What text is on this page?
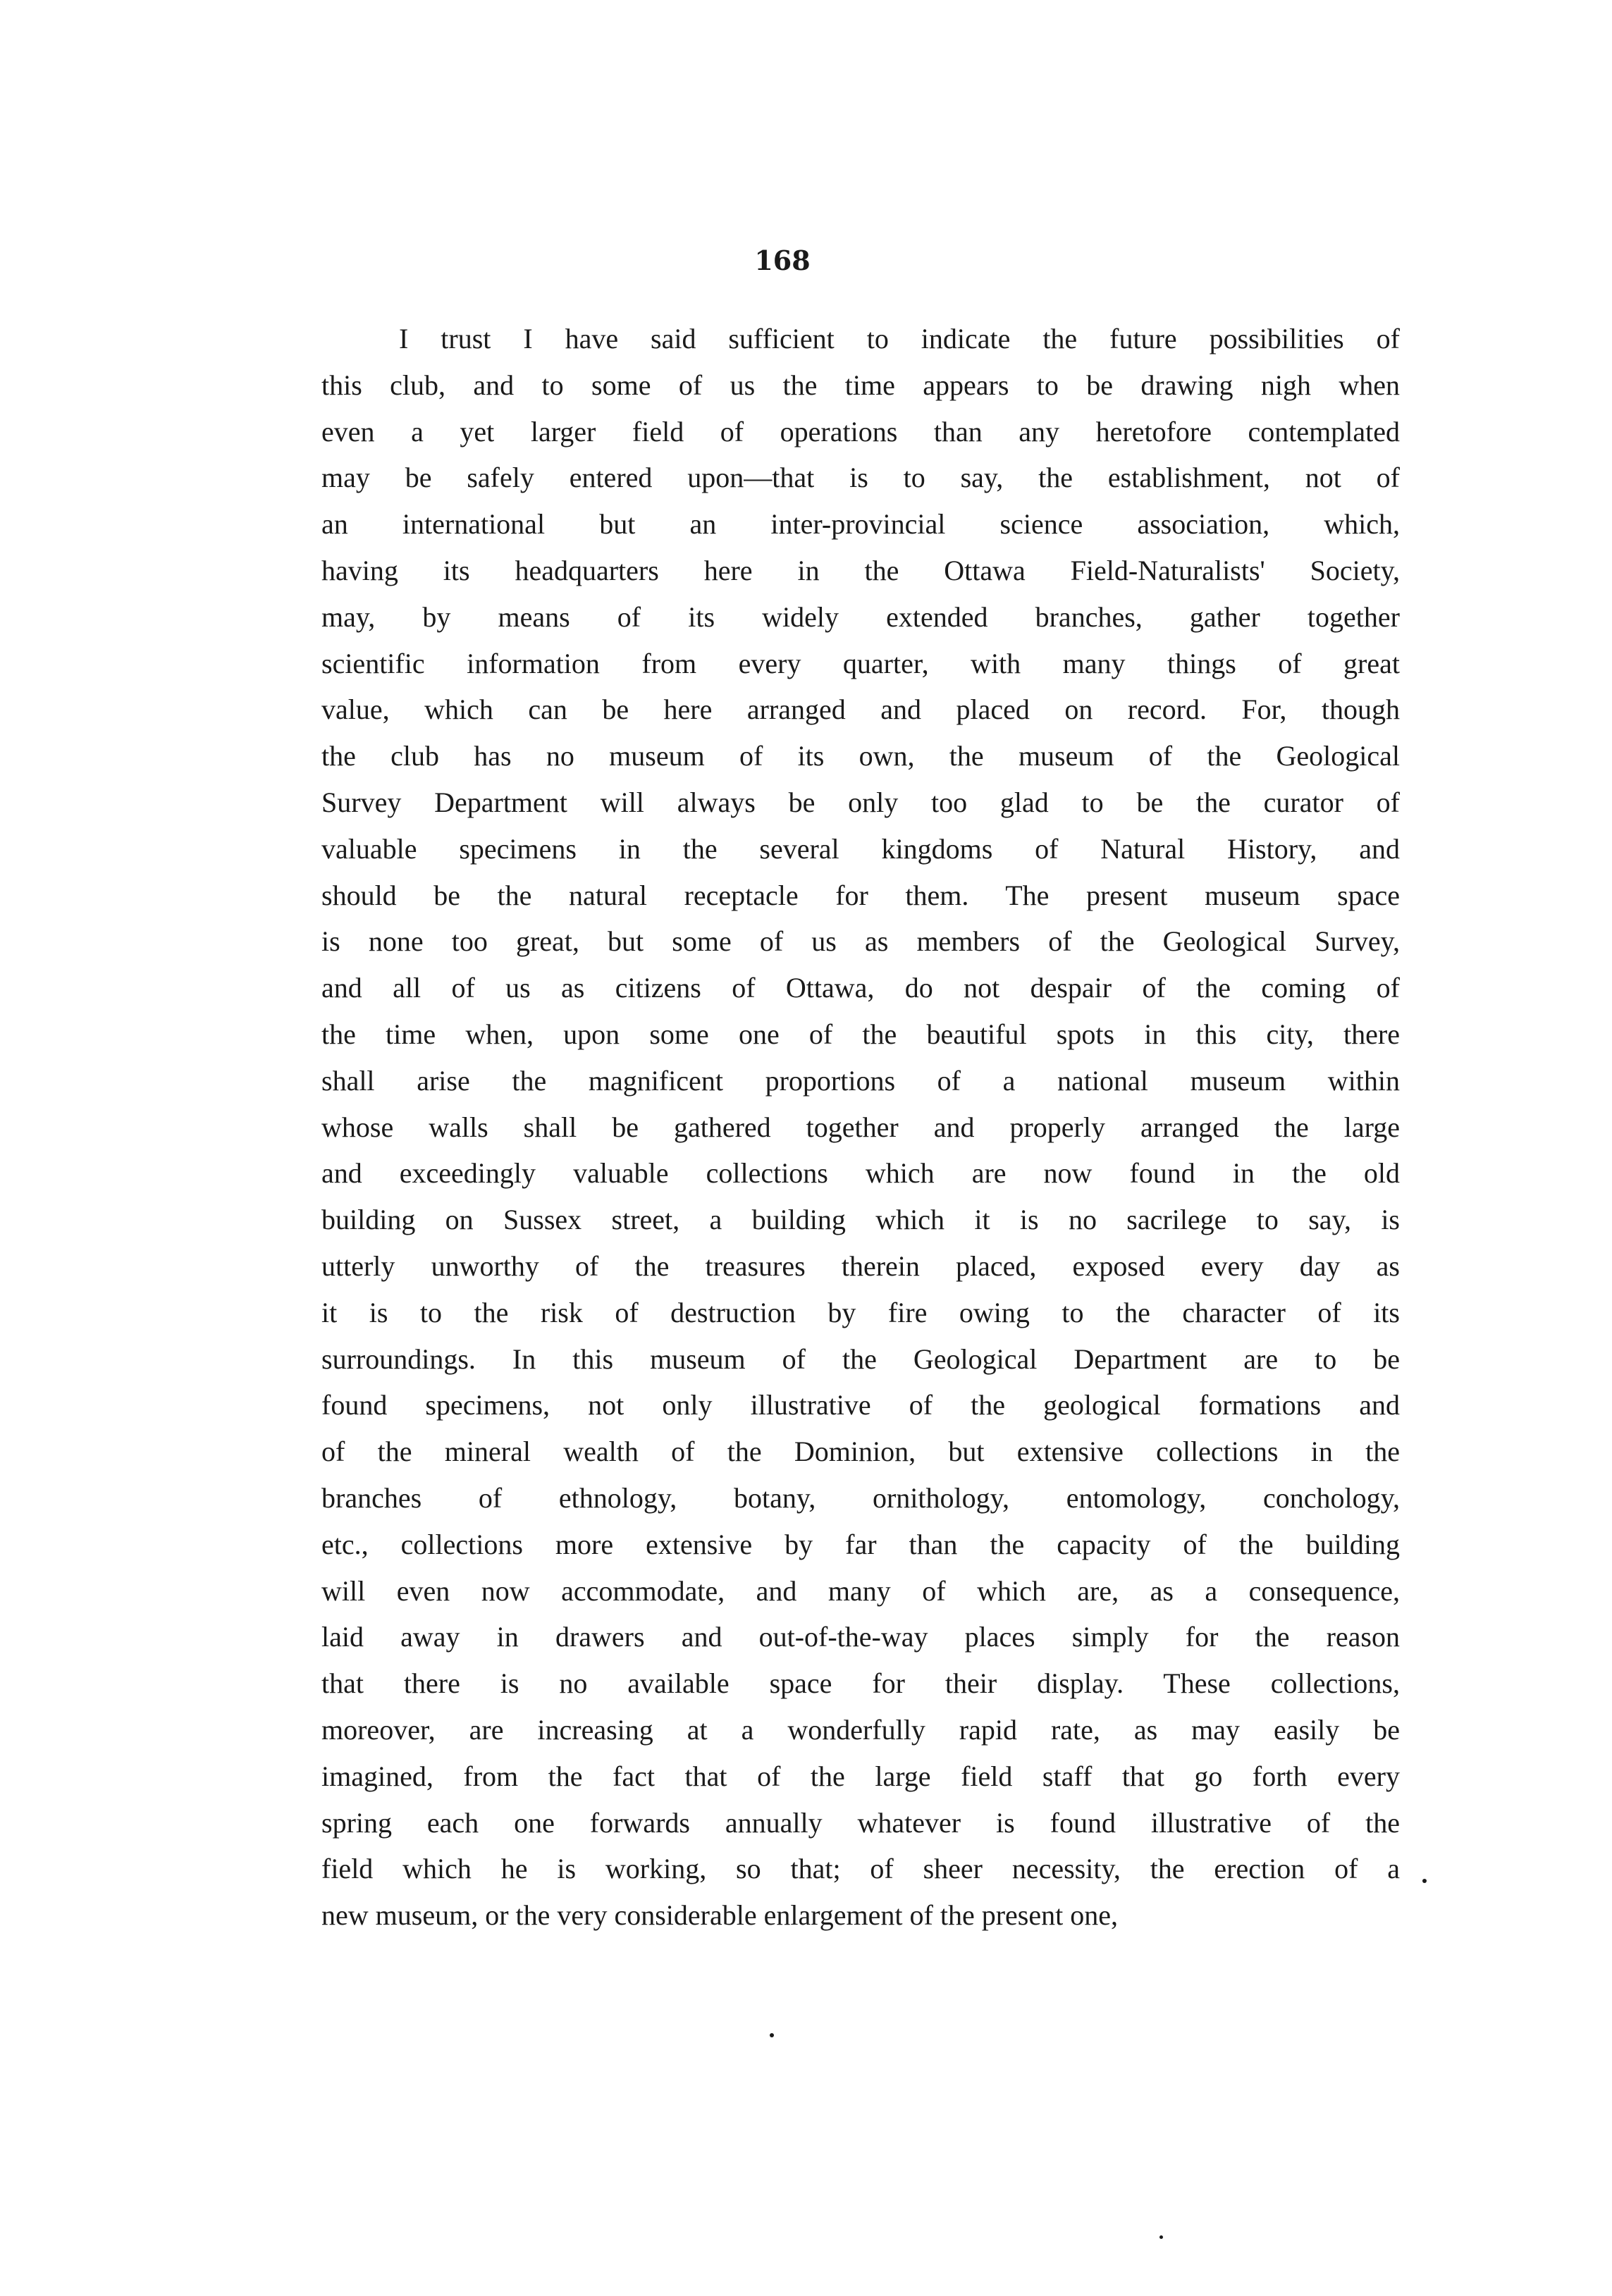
168
I trust I have said sufficient to indicate the future possibilities of
this club, and to some of us the time appears to be drawing nigh when
even a yet larger field of operations than any heretofore contemplated
may be safely entered upon—that is to say, the establishment, not of
an international but an inter-provincial science association, which,
having its headquarters here in the Ottawa Field-Naturalists' Society,
may, by means of its widely extended branches, gather together
scientific information from every quarter, with many things of great
value, which can be here arranged and placed on record. For, though
the club has no museum of its own, the museum of the Geological
Survey Department will always be only too glad to be the curator of
valuable specimens in the several kingdoms of Natural History, and
should be the natural receptacle for them. The present museum space
is none too great, but some of us as members of the Geological Survey,
and all of us as citizens of Ottawa, do not despair of the coming of
the time when, upon some one of the beautiful spots in this city, there
shall arise the magnificent proportions of a national museum within
whose walls shall be gathered together and properly arranged the large
and exceedingly valuable collections which are now found in the old
building on Sussex street, a building which it is no sacrilege to say, is
utterly unworthy of the treasures therein placed, exposed every day as
it is to the risk of destruction by fire owing to the character of its
surroundings. In this museum of the Geological Department are to be
found specimens, not only illustrative of the geological formations and
of the mineral wealth of the Dominion, but extensive collections in the
branches of ethnology, botany, ornithology, entomology, conchology,
etc., collections more extensive by far than the capacity of the building
will even now accommodate, and many of which are, as a consequence,
laid away in drawers and out-of-the-way places simply for the reason
that there is no available space for their display. These collections,
moreover, are increasing at a wonderfully rapid rate, as may easily be
imagined, from the fact that of the large field staff that go forth every
spring each one forwards annually whatever is found illustrative of the
field which he is working, so that; of sheer necessity, the erection of a
new museum, or the very considerable enlargement of the present one,
